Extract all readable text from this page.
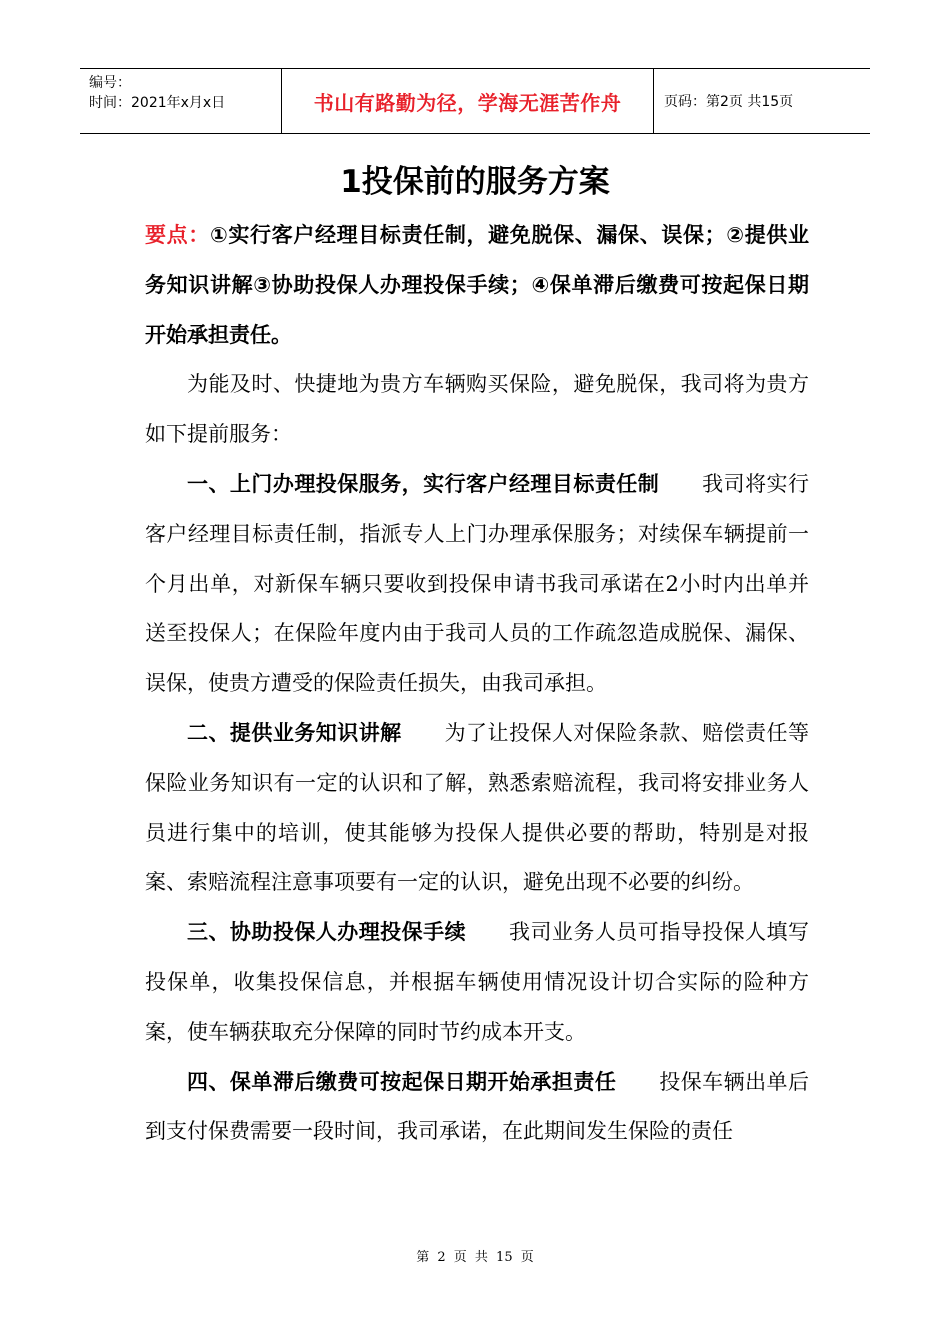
编号：
时间：2021年x月x日	书山有路勤为径，学海无涯苦作舟	页码：第2页 共15页
1投保前的服务方案

要点：①实行客户经理目标责任制，避免脱保、漏保、误保；②提供业务知识讲解③协助投保人办理投保手续；④保单滞后缴费可按起保日期开始承担责任。

为能及时、快捷地为贵方车辆购买保险，避免脱保，我司将为贵方如下提前服务：

一、上门办理投保服务，实行客户经理目标责任制　　 我司将实行客户经理目标责任制，指派专人上门办理承保服务；对续保车辆提前一个月出单，对新保车辆只要收到投保申请书我司承诺在2小时内出单并送至投保人；在保险年度内由于我司人员的工作疏忽造成脱保、漏保、误保，使贵方遭受的保险责任损失，由我司承担。

二、提供业务知识讲解　　 为了让投保人对保险条款、赔偿责任等保险业务知识有一定的认识和了解，熟悉索赔流程，我司将安排业务人员进行集中的培训，使其能够为投保人提供必要的帮助，特别是对报案、索赔流程注意事项要有一定的认识，避免出现不必要的纠纷。

三、协助投保人办理投保手续　　 我司业务人员可指导投保人填写投保单，收集投保信息，并根据车辆使用情况设计切合实际的险种方案，使车辆获取充分保障的同时节约成本开支。

四、保单滞后缴费可按起保日期开始承担责任　　 投保车辆出单后到支付保费需要一段时间，我司承诺，在此期间发生保险的责任

第 2 页 共 15 页
